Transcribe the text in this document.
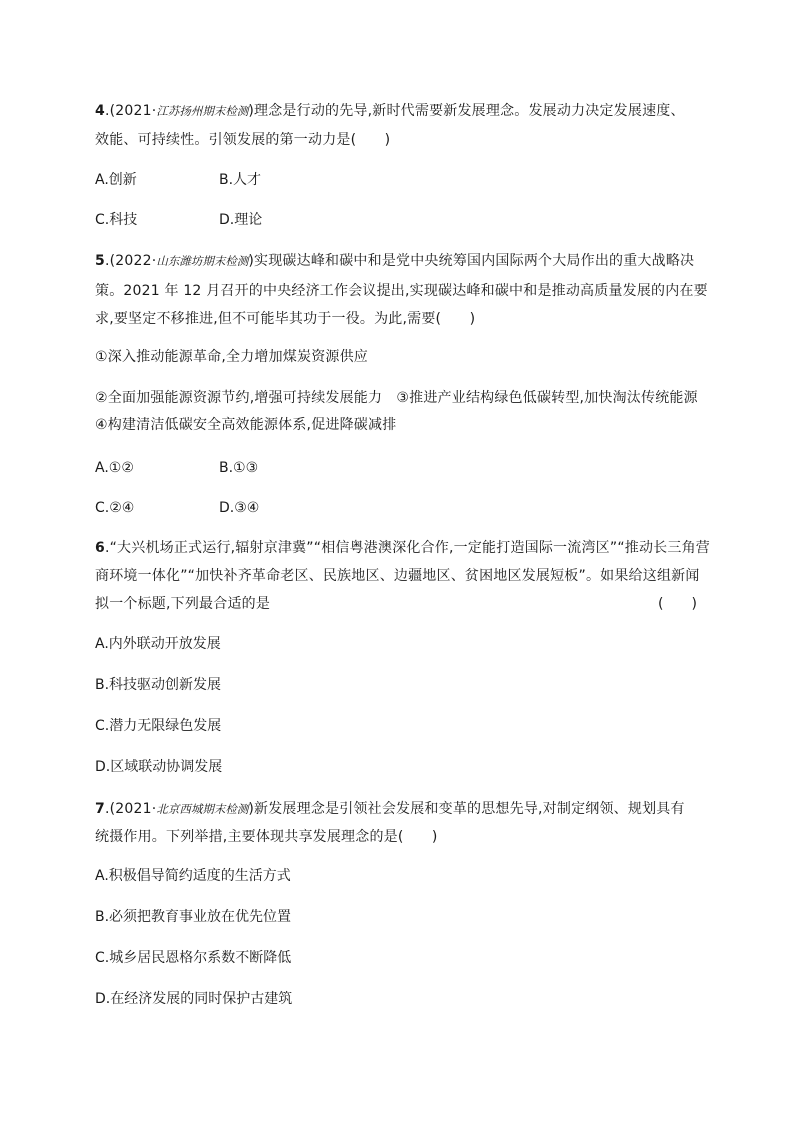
4.(2021·江苏扬州期末检测)理念是行动的先导,新时代需要新发展理念。发展动力决定发展速度、
效能、可持续性。引领发展的第一动力是(　　)
A.创新	B.人才
C.科技	D.理论
5.(2022·山东潍坊期末检测)实现碳达峰和碳中和是党中央统筹国内国际两个大局作出的重大战略决
策。2021 年 12 月召开的中央经济工作会议提出,实现碳达峰和碳中和是推动高质量发展的内在要
求,要坚定不移推进,但不可能毕其功于一役。为此,需要(　　)
①深入推动能源革命,全力增加煤炭资源供应
②全面加强能源资源节约,增强可持续发展能力　③推进产业结构绿色低碳转型,加快淘汰传统能源
④构建清洁低碳安全高效能源体系,促进降碳减排
A.①②	B.①③
C.②④	D.③④
6.“大兴机场正式运行,辐射京津冀”“相信粤港澳深化合作,一定能打造国际一流湾区”“推动长三角营
商环境一体化”“加快补齐革命老区、民族地区、边疆地区、贫困地区发展短板”。如果给这组新闻
拟一个标题,下列最合适的是	(　　)
A.内外联动开放发展
B.科技驱动创新发展
C.潜力无限绿色发展
D.区域联动协调发展
7.(2021·北京西城期末检测)新发展理念是引领社会发展和变革的思想先导,对制定纲领、规划具有
统摄作用。下列举措,主要体现共享发展理念的是(　　)
A.积极倡导简约适度的生活方式
B.必须把教育事业放在优先位置
C.城乡居民恩格尔系数不断降低
D.在经济发展的同时保护古建筑
